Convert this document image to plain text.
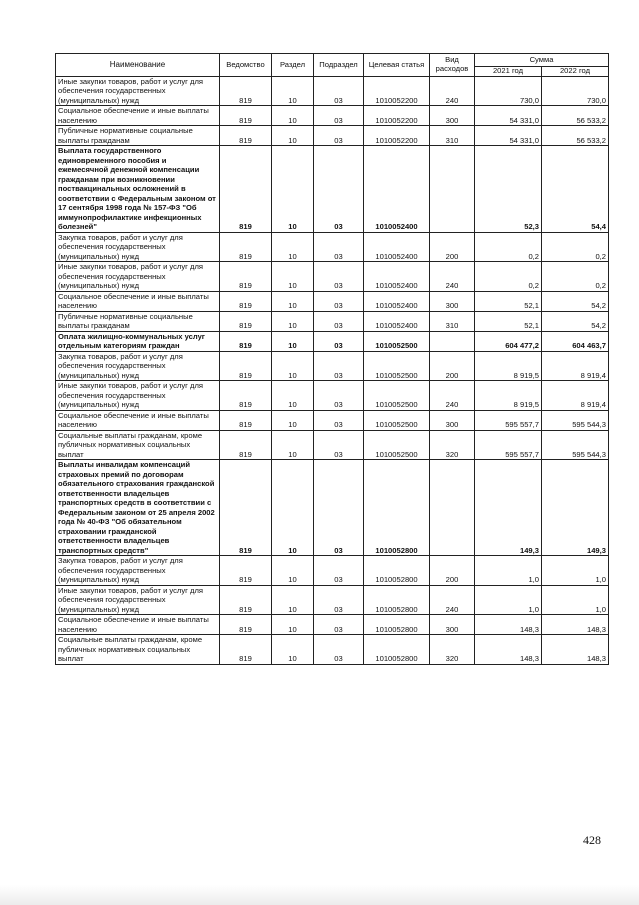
Наименование	Ведомство	Раздел	Подраздел	Целевая статья	Вид расходов	Сумма	
						2021 год	2022 год
Иные закупки товаров, работ и услуг для обеспечения государственных (муниципальных) нужд	819	10	03	1010052200	240	730,0	730,0
Социальное обеспечение и иные выплаты населению	819	10	03	1010052200	300	54 331,0	56 533,2
Публичные нормативные социальные выплаты гражданам	819	10	03	1010052200	310	54 331,0	56 533,2
Выплата государственного единовременного пособия и ежемесячной денежной компенсации гражданам при возникновении поствакцинальных осложнений в соответствии с Федеральным законом от 17 сентября 1998 года № 157-ФЗ "Об иммунопрофилактике инфекционных болезней"	819	10	03	1010052400		52,3	54,4
Закупка товаров, работ и услуг для обеспечения государственных (муниципальных) нужд	819	10	03	1010052400	200	0,2	0,2
Иные закупки товаров, работ и услуг для обеспечения государственных (муниципальных) нужд	819	10	03	1010052400	240	0,2	0,2
Социальное обеспечение и иные выплаты населению	819	10	03	1010052400	300	52,1	54,2
Публичные нормативные социальные выплаты гражданам	819	10	03	1010052400	310	52,1	54,2
Оплата жилищно-коммунальных услуг отдельным категориям граждан	819	10	03	1010052500		604 477,2	604 463,7
Закупка товаров, работ и услуг для обеспечения государственных (муниципальных) нужд	819	10	03	1010052500	200	8 919,5	8 919,4
Иные закупки товаров, работ и услуг для обеспечения государственных (муниципальных) нужд	819	10	03	1010052500	240	8 919,5	8 919,4
Социальное обеспечение и иные выплаты населению	819	10	03	1010052500	300	595 557,7	595 544,3
Социальные выплаты гражданам, кроме публичных нормативных социальных выплат	819	10	03	1010052500	320	595 557,7	595 544,3
Выплаты инвалидам компенсаций страховых премий по договорам обязательного страхования гражданской ответственности владельцев транспортных средств в соответствии с Федеральным законом от 25 апреля 2002 года № 40-ФЗ "Об обязательном страховании гражданской ответственности владельцев транспортных средств"	819	10	03	1010052800		149,3	149,3
Закупка товаров, работ и услуг для обеспечения государственных (муниципальных) нужд	819	10	03	1010052800	200	1,0	1,0
Иные закупки товаров, работ и услуг для обеспечения государственных (муниципальных) нужд	819	10	03	1010052800	240	1,0	1,0
Социальное обеспечение и иные выплаты населению	819	10	03	1010052800	300	148,3	148,3
Социальные выплаты гражданам, кроме публичных нормативных социальных выплат	819	10	03	1010052800	320	148,3	148,3
428
